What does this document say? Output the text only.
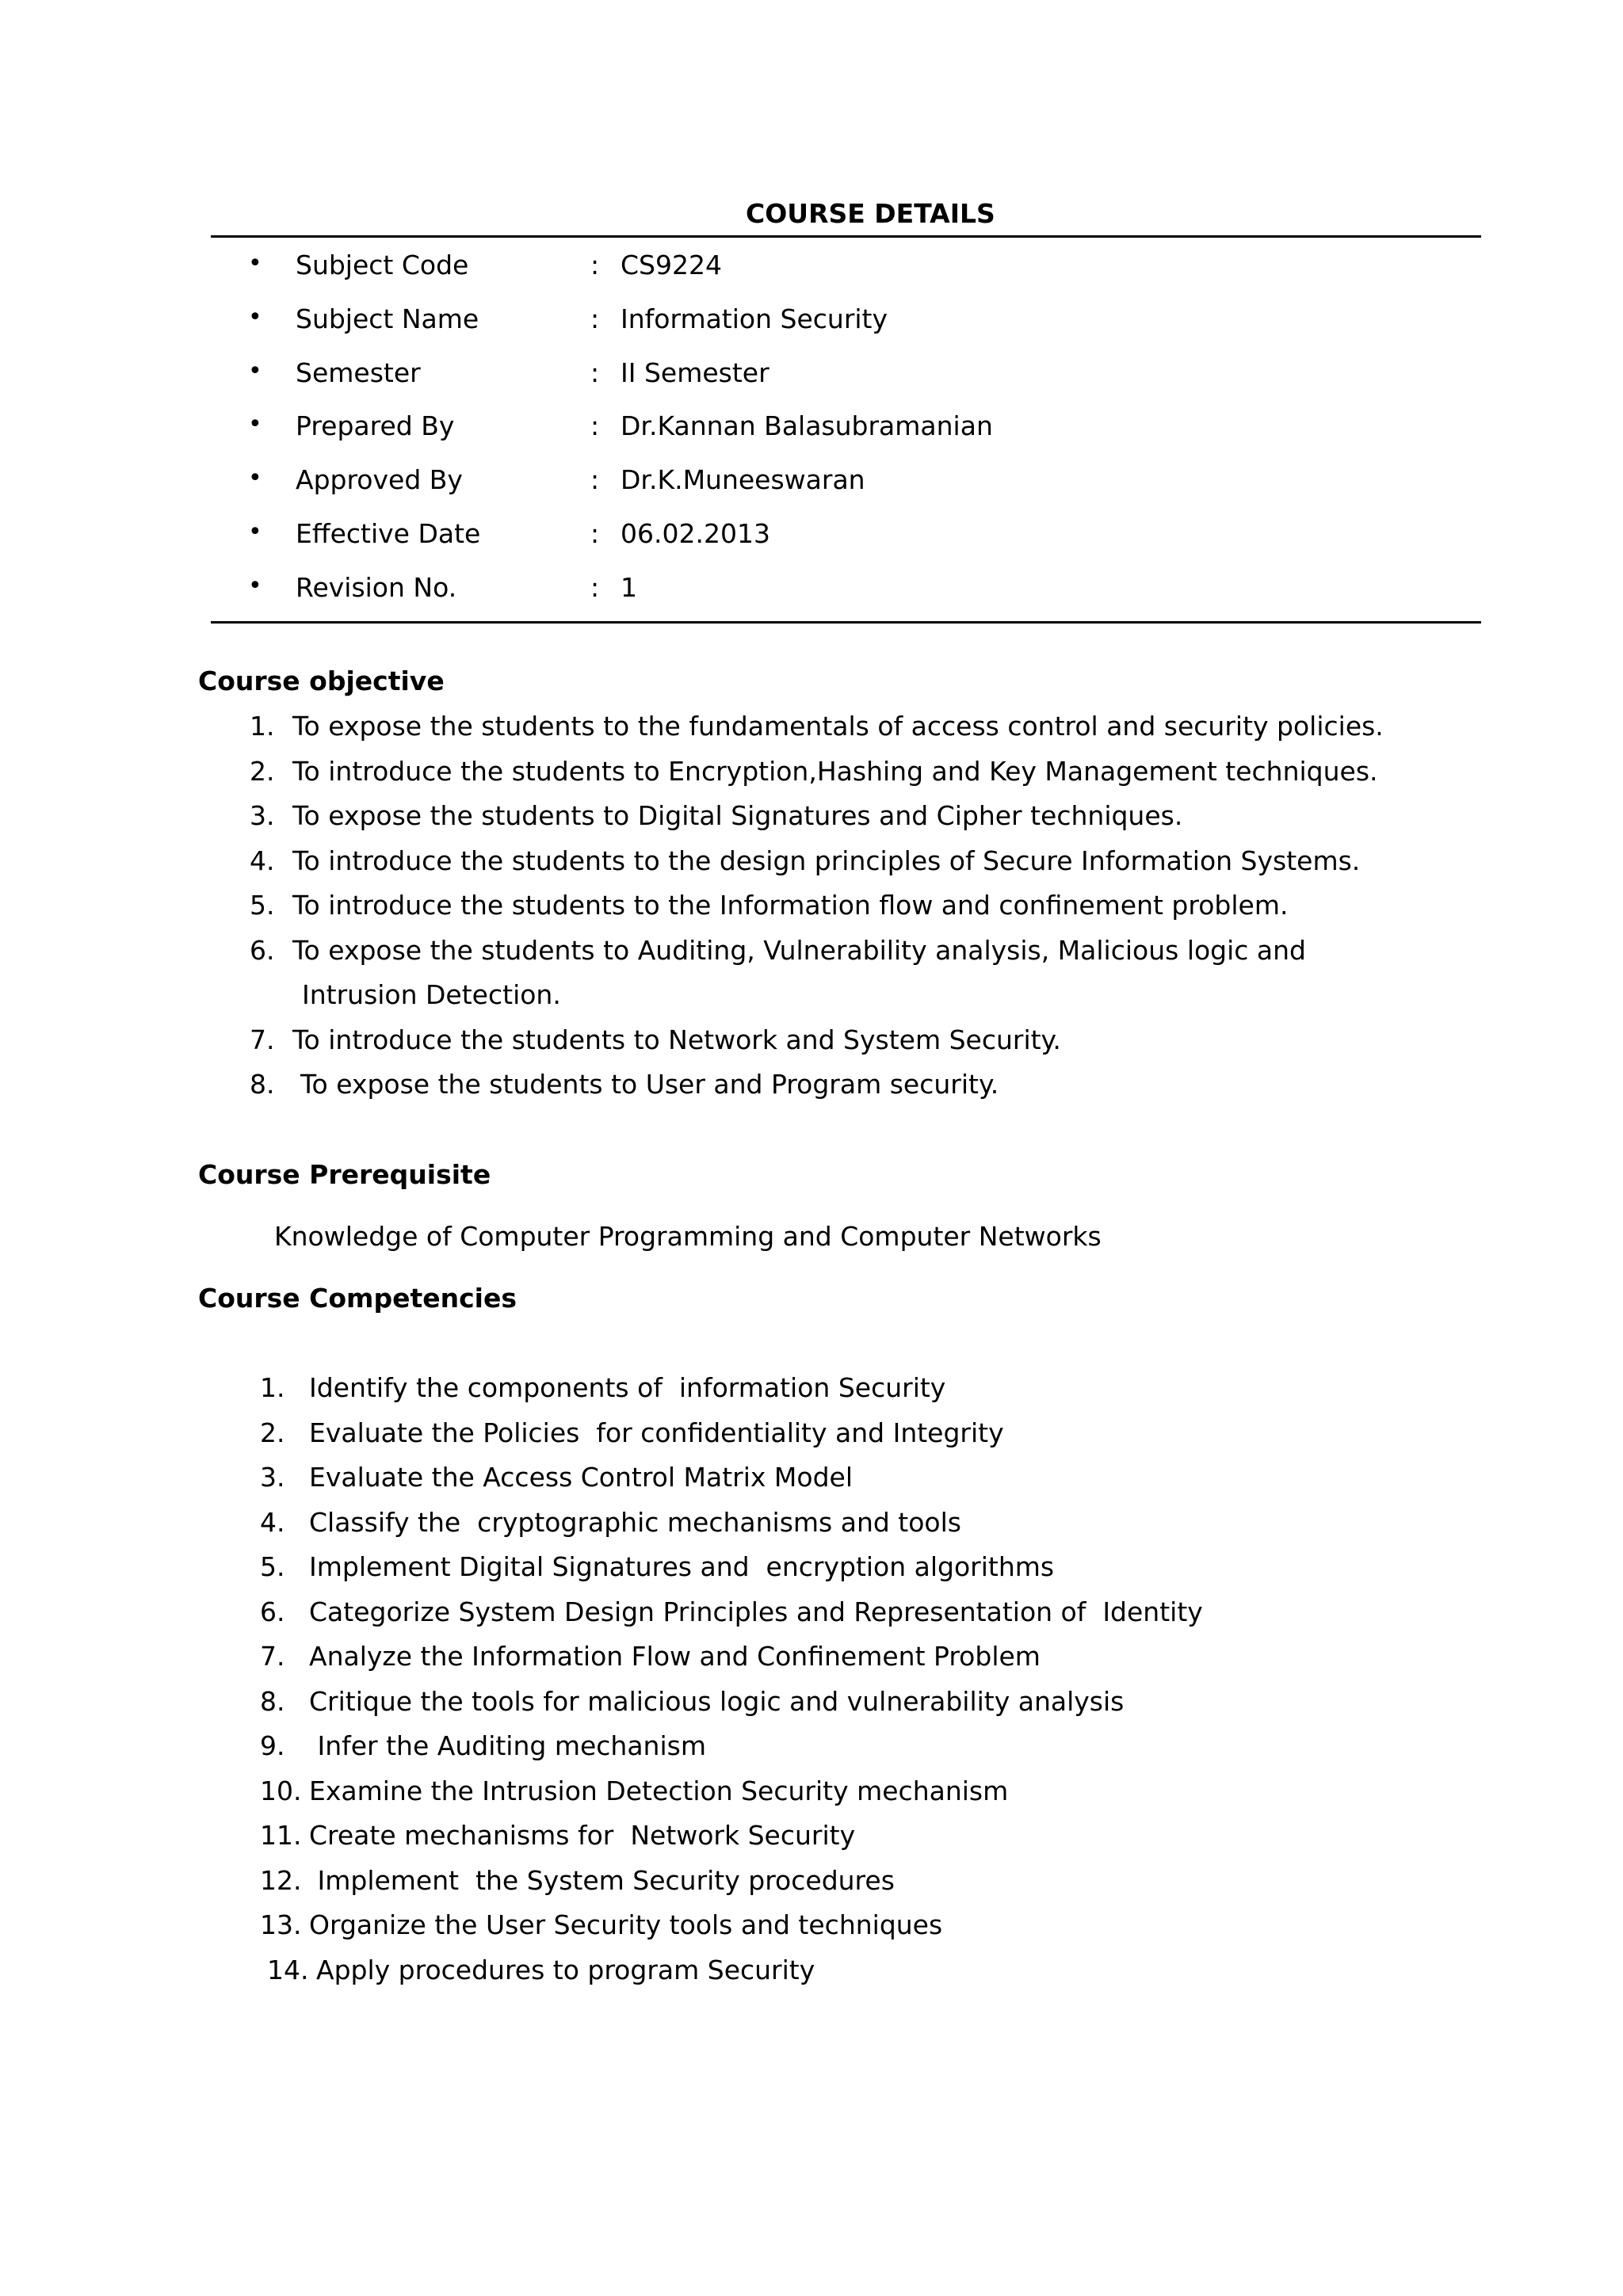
COURSE DETAILS
• Subject Code	: CS9224
• Subject Name	: Information Security
• Semester	: II Semester
• Prepared By	: Dr.Kannan Balasubramanian
• Approved By	: Dr.K.Muneeswaran
• Effective Date	: 06.02.2013
• Revision No.	: 1
Course objective
1. To expose the students to the fundamentals of access control and security policies.
2. To introduce the students to Encryption,Hashing and Key Management techniques.
3. To expose the students to Digital Signatures and Cipher techniques.
4. To introduce the students to the design principles of Secure Information Systems.
5. To introduce the students to the Information flow and confinement problem.
6. To expose the students to Auditing, Vulnerability analysis, Malicious logic and
Intrusion Detection.
7. To introduce the students to Network and System Security.
8. To expose the students to User and Program security.
Course Prerequisite
Knowledge of Computer Programming and Computer Networks
Course Competencies
1. Identify the components of  information Security
2. Evaluate the Policies  for confidentiality and Integrity
3. Evaluate the Access Control Matrix Model
4. Classify the  cryptographic mechanisms and tools
5. Implement Digital Signatures and  encryption algorithms
6. Categorize System Design Principles and Representation of  Identity
7. Analyze the Information Flow and Confinement Problem
8. Critique the tools for malicious logic and vulnerability analysis
9. Infer the Auditing mechanism
10. Examine the Intrusion Detection Security mechanism
11. Create mechanisms for  Network Security
12. Implement  the System Security procedures
13. Organize the User Security tools and techniques
14. Apply procedures to program Security
